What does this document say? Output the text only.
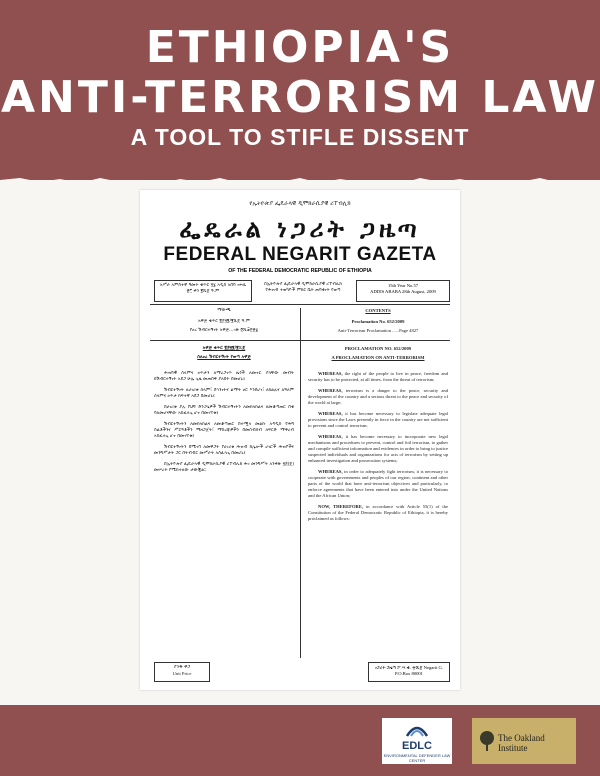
ETHIOPIA'S
ANTI-TERRORISM LAW
A TOOL TO STIFLE DISSENT
የኢትዮጵያ ፌዴራላዊ ዲሞክራሲያዊ ሪፐብሊክ
ፌዴራል ነጋሪት ጋዜጣ
FEDERAL NEGARIT GAZETA
OF THE FEDERAL DEMOCRATIC REPUBLIC OF ETHIOPIA
አሥራ አምስተኛ ዓመት ቁጥር ፶፯ አዲስ አበባ ነሐሴ ፳፫ ቀን ፪ሺ፩ ዓ.ም
በኢትዮጵያ ፌዴራላዊ ዲሞክራሲያዊ ሪፐብሊክ የሕዝብ ተወካዮች ምክር ቤት ጠባቂነት የወጣ
15th Year No.57
ADDIS ABABA 28th August, 2009
ማውጫ
አዋጅ ቁጥር ፮፻፶፪/፪ሺ፩ ዓ.ም
የፀረ ሽብርተኝነት አዋጅ…ገጽ ፬ሺ፰፻፳፯
CONTENTS
Proclamation No. 652/2009
Anti-Terrorism Proclamation ......Page 4827
አዋጅ ቁጥር ፮፻፶፪/፪ሺ፩
ስለፀረ ሽብርተኝነት የወጣ አዋጅ

ሕዝባዊ ሰላምና ፀጥታን ለማረጋገጥ ዜጎች ለመኖር ያላቸው መብት ከሽብርተኝነት አደጋ ሁሌ ጊዜ መጠበቅ ያለበት በመሆኑ፤

ሽብርተኝነት ለሀገሪቱ ሰላም፣ ደኅንነትና ልማት ፀር እንደሆነ፣ ለክልሉና ለዓለም ሰላምና ፀጥታ ከፍተኛ አደጋ በመሆኑ፤

በሀገሪቱ ያሉ የህግ ድንጋጌዎች ሽብርተኝነትን ለመከላከልና ለመቆጣጠር በቂ ባለመሆናቸው አስፈላጊ ሆኖ በመገኘቱ፤

ሽብርተኝነትን ለመከላከልና ለመቆጣጠር በተሟላ መልኩ አዳዲስ የሕግ ስልቶችንና ሥርዓቶችን ማዘጋጀት፣ ማስረጃዎችን በመሰብሰብ ለፍርድ ማቅረብ አስፈላጊ ሆኖ በመገኘቱ፤

ሽብርተኝነትን በሚገባ ለመዋጋት የሀገሪቱ ሕዝብ ከሌሎች ሀገሮች ሕዝቦችና መንግሥታት ጋር በትብብር መሥራት አስፈላጊ በመሆኑ፤

በኢትዮጵያ ፌዴራላዊ ዲሞክራሲያዊ ሪፐብሊክ ሕገ መንግሥት አንቀጽ ፶፭(፩) መሠረት የሚከተለው ታውጇል፡፡

PROCLAMATION NO. 652/2009
A PROCLAMATION ON ANTI-TERRORISM

WHEREAS, the right of the people to live in peace, freedom and security has to be protected, at all times, from the threat of terrorism;

WHEREAS, terrorism is a danger to the peace, security and development of the country and a serious threat to the peace and security of the world at large;

WHEREAS, it has become necessary to legislate adequate legal provisions since the Laws presently in force in the country are not sufficient to prevent and control terrorism;

WHEREAS, it has become necessary to incorporate new legal mechanisms and procedures to prevent, control and foil terrorism, to gather and compile sufficient information and evidences in order to bring to justice suspected individuals and organizations for acts of terrorism by setting up enhanced investigation and prosecution systems;

WHEREAS, in order to adequately fight terrorism, it is necessary to cooperate with governments and peoples of our region, continent and other parts of the world that have anti-terrorism objectives and particularly, to enforce agreements that have been entered into under the United Nations and the African Union;

NOW, THEREFORE, in accordance with Article 55(1) of the Constitution of the Federal Democratic Republic of Ethiopia, it is hereby proclaimed as follows:

ያንዱ ዋጋ
Unit Price
ነጋሪት ጋዜጣ ፖ.ሣ.ቁ. ፹ሺ፩ Negarit G. P.O.Box 80001
EDLC
ENVIRONMENTAL DEFENDER LAW CENTER
The Oakland Institute
